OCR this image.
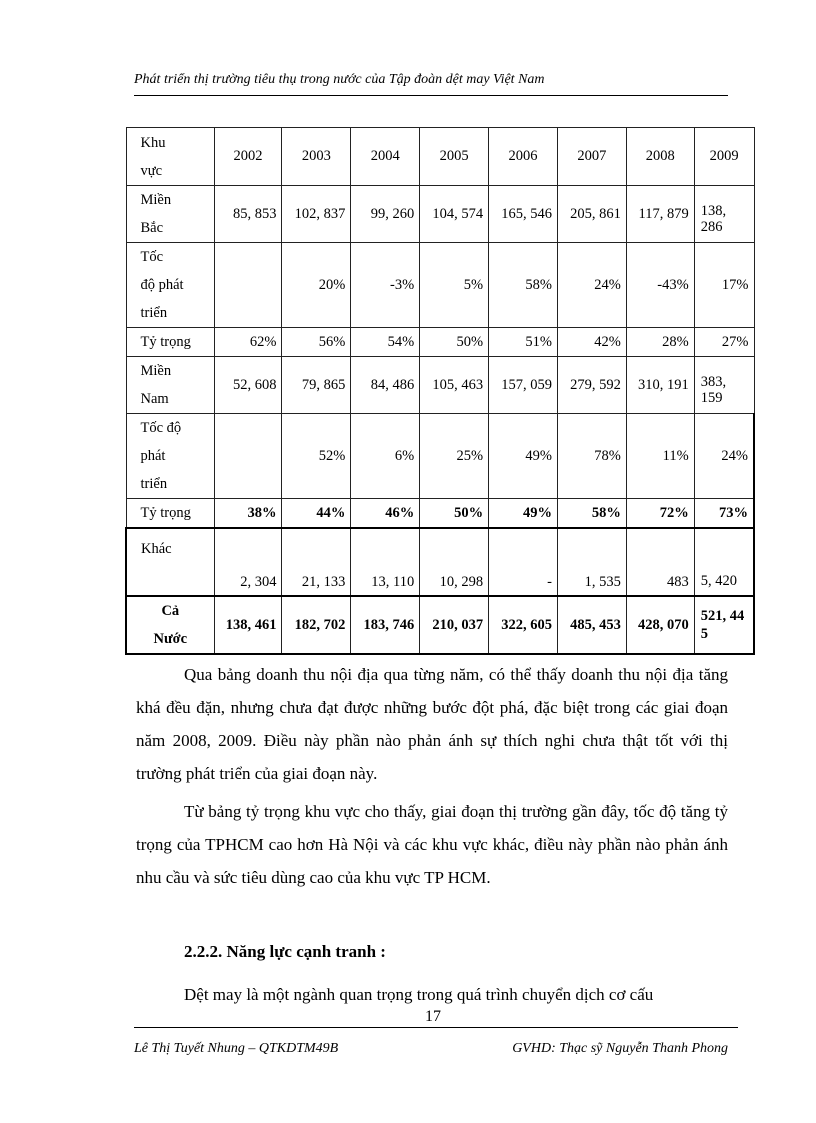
Phát triển thị trường tiêu thụ trong nước của Tập đoàn dệt may Việt Nam
Khu
vực	2002	2003	2004	2005	2006	2007	2008	2009

Miền
Bắc	85, 853	102, 837	99, 260	104, 574	165, 546	205, 861	117, 879	138, 286

Tốc
độ phát
triển		20%	-3%	5%	58%	24%	-43%	17%

Tỷ trọng	62%	56%	54%	50%	51%	42%	28%	27%

Miền
Nam	52, 608	79, 865	84, 486	105, 463	157, 059	279, 592	310, 191	383, 159

Tốc độ
phát
triển		52%	6%	25%	49%	78%	11%	24%

Tỷ trọng	38%	44%	46%	50%	49%	58%	72%	73%

Khác	2, 304	21, 133	13, 110	10, 298	-	1, 535	483	5, 420

Cả
Nước	138, 461	182, 702	183, 746	210, 037	322, 605	485, 453	428, 070	521, 445

Qua bảng doanh thu nội địa qua từng năm, có thể thấy doanh thu nội địa tăng khá đều đặn, nhưng chưa đạt được những bước đột phá, đặc biệt trong các giai đoạn năm 2008, 2009. Điều này phần nào phản ánh sự thích nghi chưa thật tốt với thị trường phát triển của giai đoạn này.

Từ bảng tỷ trọng khu vực cho thấy, giai đoạn thị trường gần đây, tốc độ tăng tỷ trọng của TPHCM cao hơn Hà Nội và các khu vực khác, điều này phần nào phản ánh nhu cầu và sức tiêu dùng cao của khu vực TP HCM.

2.2.2. Năng lực cạnh tranh :
Dệt may là một ngành quan trọng trong quá trình chuyển dịch cơ cấu
17
Lê Thị Tuyết Nhung – QTKDTM49B	GVHD: Thạc sỹ Nguyễn Thanh Phong
